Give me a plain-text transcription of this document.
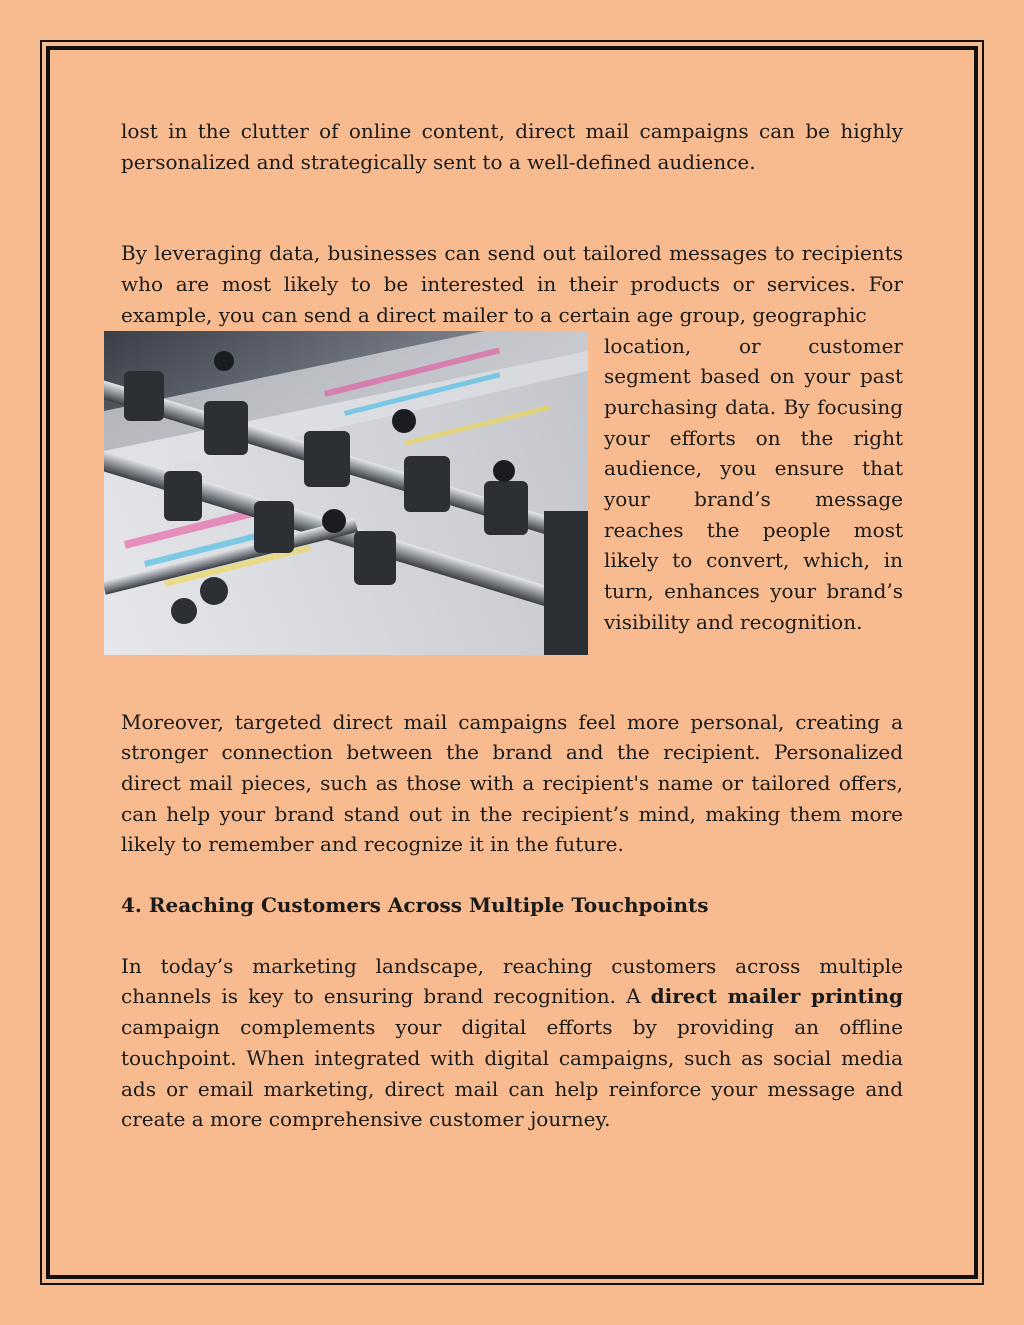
lost in the clutter of online content, direct mail campaigns can be highly personalized and strategically sent to a well-defined audience.

By leveraging data, businesses can send out tailored messages to recipients who are most likely to be interested in their products or services. For example, you can send a direct mailer to a certain age group, geographic

location, or customer segment based on your past purchasing data. By focusing your efforts on the right audience, you ensure that your brand’s message reaches the people most likely to convert, which, in turn, enhances your brand’s visibility and recognition.

Moreover, targeted direct mail campaigns feel more personal, creating a stronger connection between the brand and the recipient. Personalized direct mail pieces, such as those with a recipient's name or tailored offers, can help your brand stand out in the recipient’s mind, making them more likely to remember and recognize it in the future.

4. Reaching Customers Across Multiple Touchpoints

In today’s marketing landscape, reaching customers across multiple channels is key to ensuring brand recognition. A direct mailer printing campaign complements your digital efforts by providing an offline touchpoint. When integrated with digital campaigns, such as social media ads or email marketing, direct mail can help reinforce your message and create a more comprehensive customer journey.
